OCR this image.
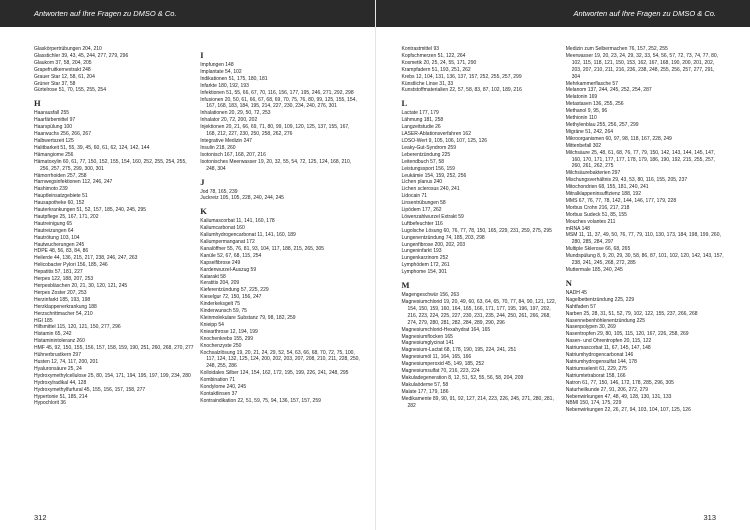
Antworten auf Ihre Fragen zu DMSO & Co.
Glaskörpertrübungen 204, 210
Glasstichler 39, 43, 45, 244, 277, 279, 296
Glaukom 37, 58, 204, 205
Grapefruitkernextrakt 248
Grauer Star 12, 58, 61, 204
Grüner Star 37, 58
Gürtelrose 51, 70, 155, 255, 254
H
Haarausfall 255
Haarfärbemittel 97
Haarspülung 100
Haarwuchs 256, 266, 267
Halbwertszeit 125
Halitbarkeit 51, 55, 39, 45, 60, 61, 62, 124, 142, 144
Hämangiome 256
Hämatoxylin 60, 61, 77, 150, 152, 155, 154, 160, 252, 255, 254, 255, 256, 257, 275, 299, 300, 301
Hämorrhoiden 257, 258
Harnwegsinfektionen 112, 246, 247
Hashimoto 239
Hauptleinsatzgebiete 51
Hausapotheke 60, 152
Hauterkrankungen 51, 52, 157, 185, 240, 245, 295
Hautpflege 25, 167, 171, 202
Hautreinigung 65
Hautreizungen 64
Hautrötung 103, 104
Hautwucherungen 245
HDPE 48, 56, 83, 84, 86
Heilerde 44, 136, 215, 217, 238, 246, 247, 263
Helicobacter Pylori 156, 185, 246
Hepatitis 57, 181, 227
Herpes 122, 188, 207, 253
Herpesbläschen 20, 21, 30, 120, 121, 245
Herpes Zoster 207, 253
Herzinfarkt 185, 193, 198
Herzklappenerkrankung 188
Herzschrittmacher 54, 210
HGI 185
Hilfsmittel 115, 120, 121, 150, 277, 296
Histamin 65, 242
Histaminintoleranz 260
HMF 45, 92, 150, 155, 156, 157, 158, 159, 190, 251, 260, 268, 270, 277
Hühnerbrustkern 297
Husten 12, 74, 117, 200, 201
Hyaluronsäure 25, 24
Hydroxymethylcellulose 25, 80, 154, 171, 194, 195, 197, 199, 234, 280
Hydroxylradikal 44, 128
Hydroxymethylfurfural 45, 155, 156, 157, 158, 277
Hypertonie 51, 185, 214
Hypochlorit 36
I
Impfungen 148
Implantate 54, 102
Indikationen 51, 175, 180, 181
Infarkte 180, 192, 193
Infektionen 51, 55, 66, 67, 70, 116, 156, 177, 195, 246, 271, 292, 298
Infusionen 20, 50, 61, 66, 67, 68, 69, 70, 75, 76, 80, 99, 125, 155, 154, 167, 168, 183, 184, 195, 214, 227, 230, 234, 240, 276, 301
Inhalationen 20, 29, 50, 72, 253
Inhalator 20, 72, 200, 202
Injektionen 20, 21, 66, 69, 71, 80, 99, 109, 120, 125, 137, 155, 167, 168, 212, 227, 230, 250, 258, 262, 276
Integrative Medizin 247
Insulin 218, 260
Isotonisch 167, 168, 207, 216
Isotonisches Meerwasser 19, 20, 32, 55, 54, 72, 125, 124, 168, 210, 248, 304
J
Jod 78, 165, 239
Juckreiz 105, 105, 228, 240, 244, 245
K
Kaliumascorbat 11, 141, 160, 178
Kaliumcarbonat 160
Kaliumhydrogencarbonat 11, 141, 160, 189
Kaliumpermanganat 172
Kanalöffner 55, 76, 81, 93, 104, 117, 188, 215, 265, 305
Kanüle 52, 67, 68, 115, 254
Kapselfibrose 249
Kardenwurzel-Auszug 59
Katarakt 58
Keratitis 204, 209
Kieferentzündung 57, 225, 229
Kieselgur 72, 150, 156, 247
Kinderkeksgelt 75
Kinderwunsch 59, 75
Kleinmolekulare Substanz 79, 98, 182, 259
Knieipp 54
Kniearthrose 12, 194, 199
Knochenkrebs 155, 299
Knochenzyste 250
Kochsalzlösung 19, 20, 21, 24, 29, 52, 54, 63, 66, 68, 70, 72, 75, 100, 117, 124, 132, 125, 124, 200, 202, 203, 207, 208, 210, 211, 228, 250, 248, 255, 286
Kolloidales Silber 124, 154, 162, 172, 195, 199, 226, 241, 248, 295
Kombination 71
Kondylome 240, 245
Kontaktlinsen 37
Kontraindikation 22, 51, 59, 75, 94, 136, 157, 157, 259
312
Antworten auf Ihre Fragen zu DMSO & Co.
Kontrastmittel 93
Kopfschmerzen 51, 122, 264
Kosmetik 20, 25, 24, 55, 171, 290
Krampfadern 51, 193, 251, 262
Krebs 12, 104, 131, 136, 137, 157, 252, 255, 257, 299
Künstliche Linse 31, 33
Kunststoffmaterialien 22, 57, 58, 83, 87, 102, 189, 216
L
Lactate 177, 179
Lähmung 181, 258
Langzeitstudie 26
LASER-Ablationsverfahren 162
LDSO-Wert 9, 105, 106, 107, 125, 126
Leaky-Gut-Syndrom 259
Leberentzündung 225
Leitendbuch 57, 58
Leistungssport 156, 159
Leukämie 154, 159, 252, 256
Lichen planus 240
Lichen sclerosus 240, 241
Lidocain 71
Linsentrübungen 58
Lipödem 177, 262
Löwenzahlwurzel Extrakt 59
Luftbefeuchter 116
Lugolsche Lösung 60, 76, 77, 78, 150, 165, 229, 231, 259, 275, 295
Lungenentzündung 74, 185, 203, 298
Lungenfibrose 200, 202, 203
Lungeninfarkt 193
Lungenkarzinom 252
Lymphödem 172, 261
Lymphome 154, 301
M
Magengeschwür 156, 263
Magnesiumchlorid 19, 20, 49, 60, 63, 64, 65, 70, 77, 84, 90, 121, 122, 154, 150, 159, 160, 164, 165, 166, 171, 177, 195, 196, 197, 202, 216, 223, 224, 225, 227, 230, 231, 235, 244, 250, 261, 266, 268, 274, 279, 280, 281, 282, 284, 289, 290, 296
Magnesiumchlorid-Hexahydrat 164, 165
Magnesiumflocken 165
Magnesiumglycinat 141
Magnesium-Lactat 68, 178, 190, 195, 224, 241, 251
Magnesiumöl 11, 164, 165, 166
Magnesiumperoxid 45, 149, 185, 252
Magnesiumsulfat 70, 216, 223, 224
Makuladegeneration 8, 12, 51, 52, 55, 56, 58, 204, 209
Makulaödeme 57, 58
Malate 177, 179, 186
Medikamente 89, 90, 91, 92, 127, 214, 223, 226, 245, 271, 280, 281, 282
Medizin zum Selbermachen 76, 157, 252, 255
Meerwasser 19, 20, 23, 24, 29, 32, 33, 54, 56, 57, 72, 73, 74, 77, 80, 102, 115, 118, 121, 150, 153, 162, 167, 168, 190, 200, 201, 202, 203, 207, 210, 211, 216, 236, 238, 248, 255, 256, 257, 277, 291, 304
Mehrkammerflasche 57
Melanom 137, 244, 245, 252, 254, 287
Melatonin 169
Metastasen 136, 255, 256
Methanol 9, 95, 96
Methionin 110
Methylenblau 255, 256, 257, 299
Migräne 51, 242, 264
Mikroorganismen 60, 97, 98, 118, 167, 228, 249
Mittenbefall 302
Milchsäure 25, 48, 61, 68, 76, 77, 79, 150, 142, 143, 144, 145, 147, 160, 170, 171, 177, 177, 178, 179, 186, 190, 192, 215, 255, 257, 260, 261, 262, 275
Milchsäurebakterien 297
Mischungsverhältnis 29, 43, 53, 80, 116, 155, 205, 237
Mitochondrien 68, 155, 181, 240, 241
Mitralklappeninsuffizienz 188, 192
MMS 67, 76, 77, 78, 142, 144, 146, 177, 179, 228
Morbus Crohn 216, 217, 218
Morbus Sudeck 51, 85, 155
Mouches volantes 211
mRNA 148
MSM 11, 11, 37, 49, 50, 76, 77, 79, 110, 130, 173, 184, 198, 199, 260, 280, 285, 284, 297
Multiple Sklerose 66, 68, 265
Mundspülung 8, 9, 20, 29, 30, 58, 86, 87, 101, 102, 120, 142, 143, 157, 238, 241, 245, 268, 272, 285
Muttermale 185, 240, 245
N
NADH 45
Nagelbettentzündung 225, 229
Nahtfaden 57
Narben 25, 28, 31, 51, 52, 79, 102, 122, 155, 237, 266, 268
Nasennebenhöhlenentzündung 225
Nasenpolypen 30, 269
Nasentropfen 29, 80, 105, 115, 120, 167, 226, 258, 269
Nasen- und Ohrentropfen 20, 115, 122
Natriumascorbat 11, 67, 145, 147, 148
Natriumhydrogencarbonat 146
Natriumhydrogensulfat 144, 178
Natriumselenit 61, 229, 275
Natriumtetraborat 158, 166
Natron 61, 77, 150, 146, 172, 178, 285, 296, 305
Naturheilkunde 27, 91, 206, 272, 279
Nebenwirkungen 47, 48, 49, 128, 130, 131, 133
NBMI 150, 174, 175, 229
Nebenwirkungen 22, 26, 27, 94, 103, 104, 107, 125, 126
313
